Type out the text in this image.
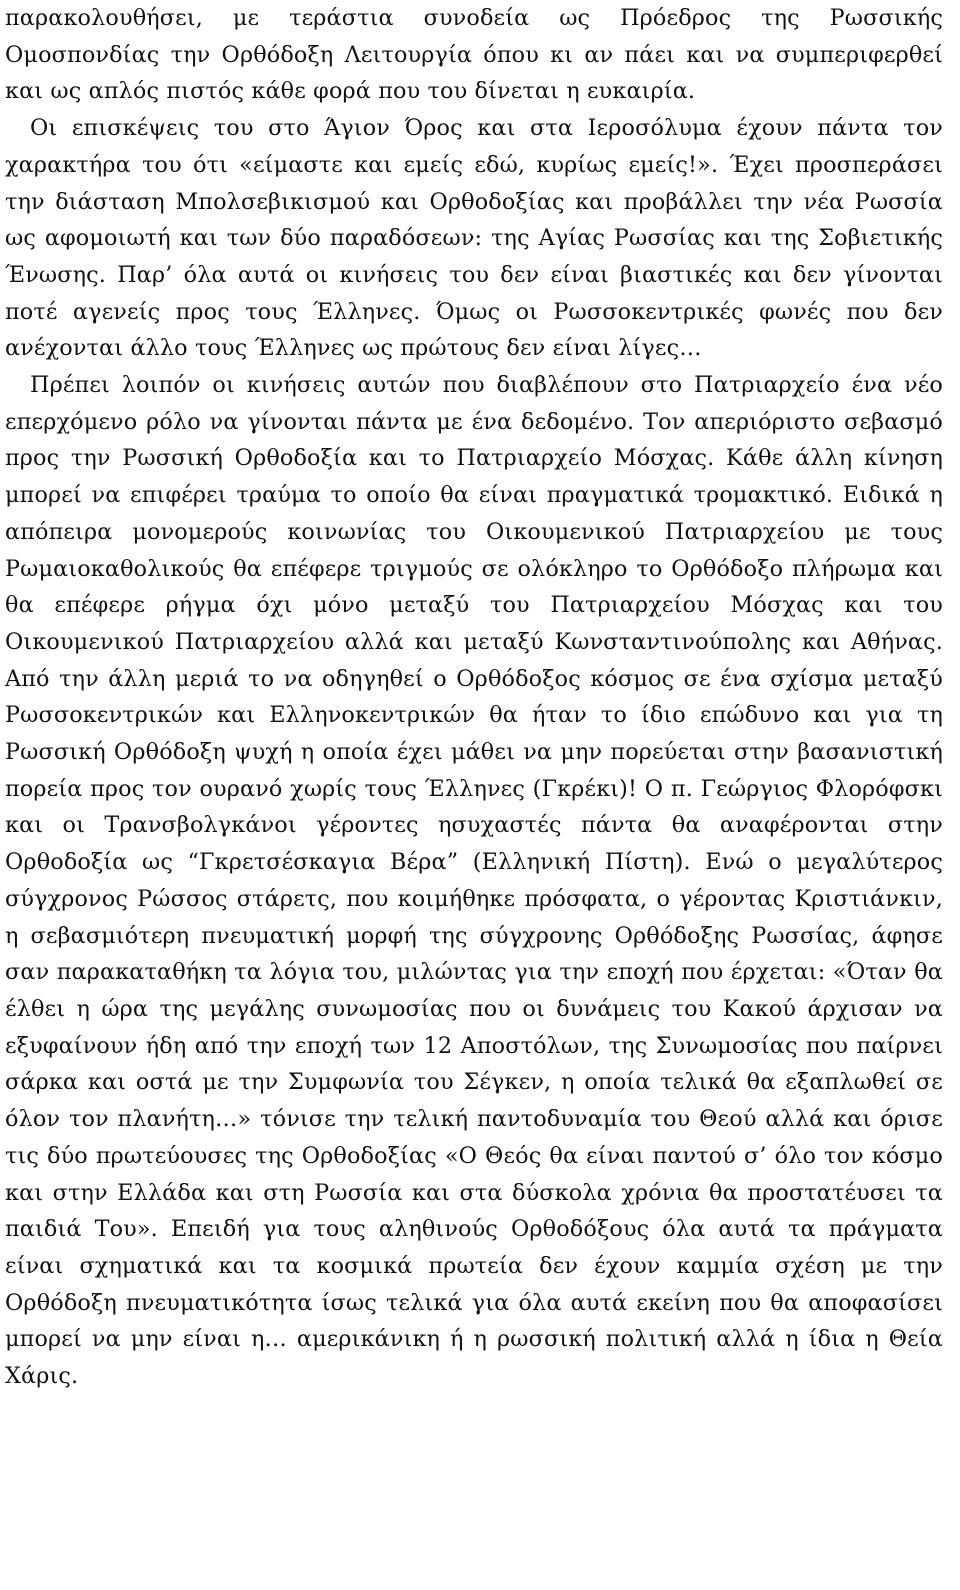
παρακολουθήσει, με τεράστια συνοδεία ως Πρόεδρος της Ρωσσικής Ομοσπονδίας την Ορθόδοξη Λειτουργία όπου κι αν πάει και να συμπεριφερθεί και ως απλός πιστός κάθε φορά που του δίνεται η ευκαιρία.

Οι επισκέψεις του στο Άγιον Όρος και στα Ιεροσόλυμα έχουν πάντα τον χαρακτήρα του ότι «είμαστε και εμείς εδώ, κυρίως εμείς!». Έχει προσπεράσει την διάσταση Μπολσεβικισμού και Ορθοδοξίας και προβάλλει την νέα Ρωσσία ως αφομοιωτή και των δύο παραδόσεων: της Αγίας Ρωσσίας και της Σοβιετικής Ένωσης. Παρ’ όλα αυτά οι κινήσεις του δεν είναι βιαστικές και δεν γίνονται ποτέ αγενείς προς τους Έλληνες. Όμως οι Ρωσσοκεντρικές φωνές που δεν ανέχονται άλλο τους Έλληνες ως πρώτους δεν είναι λίγες…

Πρέπει λοιπόν οι κινήσεις αυτών που διαβλέπουν στο Πατριαρχείο ένα νέο επερχόμενο ρόλο να γίνονται πάντα με ένα δεδομένο. Τον απεριόριστο σεβασμό προς την Ρωσσική Ορθοδοξία και το Πατριαρχείο Μόσχας. Κάθε άλλη κίνηση μπορεί να επιφέρει τραύμα το οποίο θα είναι πραγματικά τρομακτικό. Ειδικά η απόπειρα μονομερούς κοινωνίας του Οικουμενικού Πατριαρχείου με τους Ρωμαιοκαθολικούς θα επέφερε τριγμούς σε ολόκληρο το Ορθόδοξο πλήρωμα και θα επέφερε ρήγμα όχι μόνο μεταξύ του Πατριαρχείου Μόσχας και του Οικουμενικού Πατριαρχείου αλλά και μεταξύ Κωνσταντινούπολης και Αθήνας. Από την άλλη μεριά το να οδηγηθεί ο Ορθόδοξος κόσμος σε ένα σχίσμα μεταξύ Ρωσσοκεντρικών και Ελληνοκεντρικών θα ήταν το ίδιο επώδυνο και για τη Ρωσσική Ορθόδοξη ψυχή η οποία έχει μάθει να μην πορεύεται στην βασανιστική πορεία προς τον ουρανό χωρίς τους Έλληνες (Γκρέκι)! Ο π. Γεώργιος Φλορόφσκι και οι Τρανσβολγκάνοι γέροντες ησυχαστές πάντα θα αναφέρονται στην Ορθοδοξία ως “Γκρετσέσκαγια Βέρα” (Ελληνική Πίστη). Ενώ ο μεγαλύτερος σύγχρονος Ρώσσος στάρετς, που κοιμήθηκε πρόσφατα, ο γέροντας Κριστιάνκιν, η σεβασμιότερη πνευματική μορφή της σύγχρονης Ορθόδοξης Ρωσσίας, άφησε σαν παρακαταθήκη τα λόγια του, μιλώντας για την εποχή που έρχεται: «Όταν θα έλθει η ώρα της μεγάλης συνωμοσίας που οι δυνάμεις του Κακού άρχισαν να εξυφαίνουν ήδη από την εποχή των 12 Αποστόλων, της Συνωμοσίας που παίρνει σάρκα και οστά με την Συμφωνία του Σέγκεν, η οποία τελικά θα εξαπλωθεί σε όλον τον πλανήτη…» τόνισε την τελική παντοδυναμία του Θεού αλλά και όρισε τις δύο πρωτεύουσες της Ορθοδοξίας «Ο Θεός θα είναι παντού σ’ όλο τον κόσμο και στην Ελλάδα και στη Ρωσσία και στα δύσκολα χρόνια θα προστατέυσει τα παιδιά Του». Επειδή για τους αληθινούς Ορθοδόξους όλα αυτά τα πράγματα είναι σχηματικά και τα κοσμικά πρωτεία δεν έχουν καμμία σχέση με την Ορθόδοξη πνευματικότητα ίσως τελικά για όλα αυτά εκείνη που θα αποφασίσει μπορεί να μην είναι η… αμερικάνικη ή η ρωσσική πολιτική αλλά η ίδια η Θεία Χάρις.
